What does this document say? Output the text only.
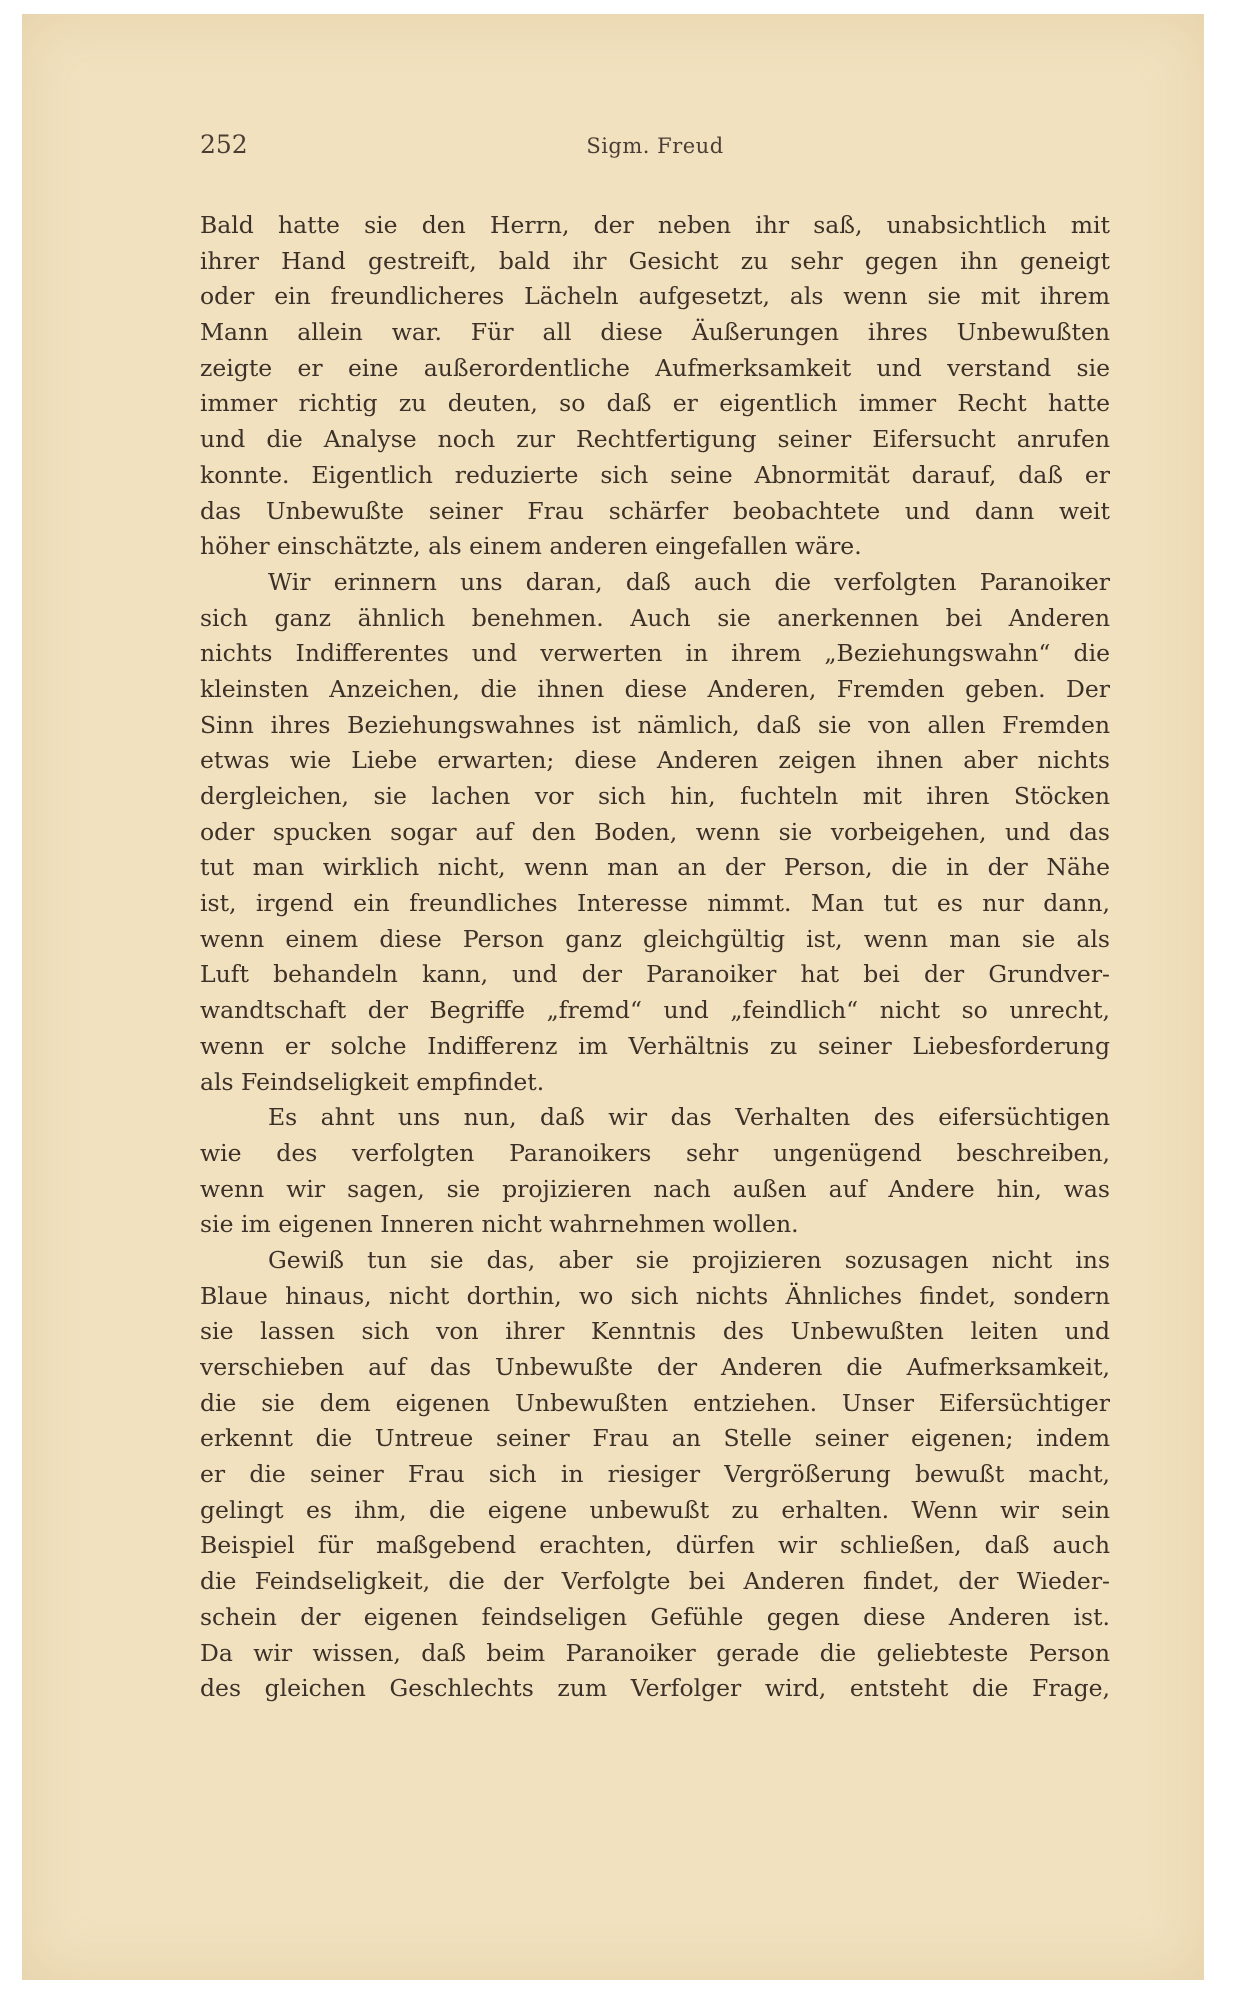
252	Sigm. Freud
Bald hatte sie den Herrn, der neben ihr saß, unabsichtlich mit
ihrer Hand gestreift, bald ihr Gesicht zu sehr gegen ihn geneigt
oder ein freundlicheres Lächeln aufgesetzt, als wenn sie mit ihrem
Mann allein war. Für all diese Äußerungen ihres Unbewußten
zeigte er eine außerordentliche Aufmerksamkeit und verstand sie
immer richtig zu deuten, so daß er eigentlich immer Recht hatte
und die Analyse noch zur Rechtfertigung seiner Eifersucht anrufen
konnte. Eigentlich reduzierte sich seine Abnormität darauf, daß er
das Unbewußte seiner Frau schärfer beobachtete und dann weit
höher einschätzte, als einem anderen eingefallen wäre.
Wir erinnern uns daran, daß auch die verfolgten Paranoiker
sich ganz ähnlich benehmen. Auch sie anerkennen bei Anderen
nichts Indifferentes und verwerten in ihrem „Beziehungswahn“ die
kleinsten Anzeichen, die ihnen diese Anderen, Fremden geben. Der
Sinn ihres Beziehungswahnes ist nämlich, daß sie von allen Fremden
etwas wie Liebe erwarten; diese Anderen zeigen ihnen aber nichts
dergleichen, sie lachen vor sich hin, fuchteln mit ihren Stöcken
oder spucken sogar auf den Boden, wenn sie vorbeigehen, und das
tut man wirklich nicht, wenn man an der Person, die in der Nähe
ist, irgend ein freundliches Interesse nimmt. Man tut es nur dann,
wenn einem diese Person ganz gleichgültig ist, wenn man sie als
Luft behandeln kann, und der Paranoiker hat bei der Grundver-
wandtschaft der Begriffe „fremd“ und „feindlich“ nicht so unrecht,
wenn er solche Indifferenz im Verhältnis zu seiner Liebesforderung
als Feindseligkeit empfindet.
Es ahnt uns nun, daß wir das Verhalten des eifersüchtigen
wie des verfolgten Paranoikers sehr ungenügend beschreiben,
wenn wir sagen, sie projizieren nach außen auf Andere hin, was
sie im eigenen Inneren nicht wahrnehmen wollen.
Gewiß tun sie das, aber sie projizieren sozusagen nicht ins
Blaue hinaus, nicht dorthin, wo sich nichts Ähnliches findet, sondern
sie lassen sich von ihrer Kenntnis des Unbewußten leiten und
verschieben auf das Unbewußte der Anderen die Aufmerksamkeit,
die sie dem eigenen Unbewußten entziehen. Unser Eifersüchtiger
erkennt die Untreue seiner Frau an Stelle seiner eigenen; indem
er die seiner Frau sich in riesiger Vergrößerung bewußt macht,
gelingt es ihm, die eigene unbewußt zu erhalten. Wenn wir sein
Beispiel für maßgebend erachten, dürfen wir schließen, daß auch
die Feindseligkeit, die der Verfolgte bei Anderen findet, der Wieder-
schein der eigenen feindseligen Gefühle gegen diese Anderen ist.
Da wir wissen, daß beim Paranoiker gerade die geliebteste Person
des gleichen Geschlechts zum Verfolger wird, entsteht die Frage,
